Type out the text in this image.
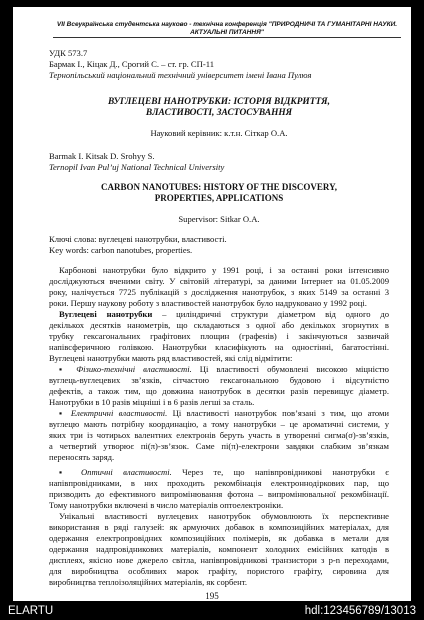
VII Всеукраїнська студентська науково - технічна конференція "ПРИРОДНИЧІ ТА ГУМАНІТАРНІ НАУКИ.
АКТУАЛЬНІ ПИТАННЯ"
УДК 573.7
Бармак І., Кіцак Д., Срогий С. – ст. гр. СП-11
Тернопільський національний технічний університет імені Івана Пулюя
ВУГЛЕЦЕВІ НАНОТРУБКИ: ІСТОРІЯ ВІДКРИТТЯ,
ВЛАСТИВОСТІ, ЗАСТОСУВАННЯ
Науковий керівник: к.т.н. Сіткар О.А.
Barmak I. Kitsak D. Srohyy S.
Ternopil Ivan Pul’uj National Technical University
CARBON NANOTUBES: HISTORY OF THE DISCOVERY,
PROPERTIES, APPLICATIONS
Supervisor: Sitkar O.A.
Ключі слова: вуглецеві нанотрубки, властивості.
Key words: carbon nanotubes, properties.
Карбонові нанотрубки було відкрито у 1991 році, і за останні роки інтенсивно
досліджуються вченими світу. У світовій літературі, за даними Інтернет на 01.05.2009
року, налічується 7725 публікацій з дослідження нанотрубок, з яких 5149 за останні 3
роки. Першу наукову роботу з властивостей нанотрубок було надруковано у 1992 році.
Вуглецеві нанотрубки – циліндричні структури діаметром від одного до
декількох десятків нанометрів, що складаються з одної або декількох згорнутих в
трубку гексагональних графітових площин (графенів) і закінчуються зазвичай
напівсферичною голівкою. Нанотрубки класифікують на одностінні, багатостінні.
Вуглецеві нанотрубки мають ряд властивостей, які слід відмітити:
▪ Фізико-технічні властивості. Ці властивості обумовлені високою міцністю
вуглець-вуглецевих зв’язків, сітчастою гексагональною будовою і відсутністю
дефектів, а також тим, що довжина нанотрубок в десятки разів перевищує діаметр.
Нанотрубки в 10 разів міцніші і в 6 разів легші за сталь.
▪ Електричні властивості. Ці властивості нанотрубок пов’язані з тим, що атоми
вуглецю мають потрібну координацію, а тому нанотрубки – це ароматичні системи, у
яких три із чотирьох валентних електронів беруть участь в утворенні сигма(σ)-зв’язків,
а четвертий утворює пі(π)-зв’язок. Саме пі(π)-електрони завдяки слабким зв’язкам
переносять заряд.
▪ Оптичні властивості. Через те, що напівпровідникові нанотрубки є
напівпровідниками, в них проходить рекомбінація електроннодіркових пар, що
призводить до ефективного випромінювання фотона – випромінювальної рекомбінації.
Тому нанотрубки включені в число матеріалів оптоелектроніки.
Унікальні властивості вуглецевих нанотрубок обумовлюють їх перспективне
використання в ряді галузей: як армуючих добавок в композиційних матеріалах, для
одержання електропровідних композиційних полімерів, як добавка в метали для
одержання надпровідникових матеріалів, компонент холодних емісійних катодів в
дисплеях, якісно нове джерело світла, напівпровідникові транзистори з p-n переходами,
для виробництва особливих марок графіту, пористого графіту, сировина для
виробництва теплоізоляційних матеріалів, як сорбент.
195
ELARTU	hdl:123456789/13013
